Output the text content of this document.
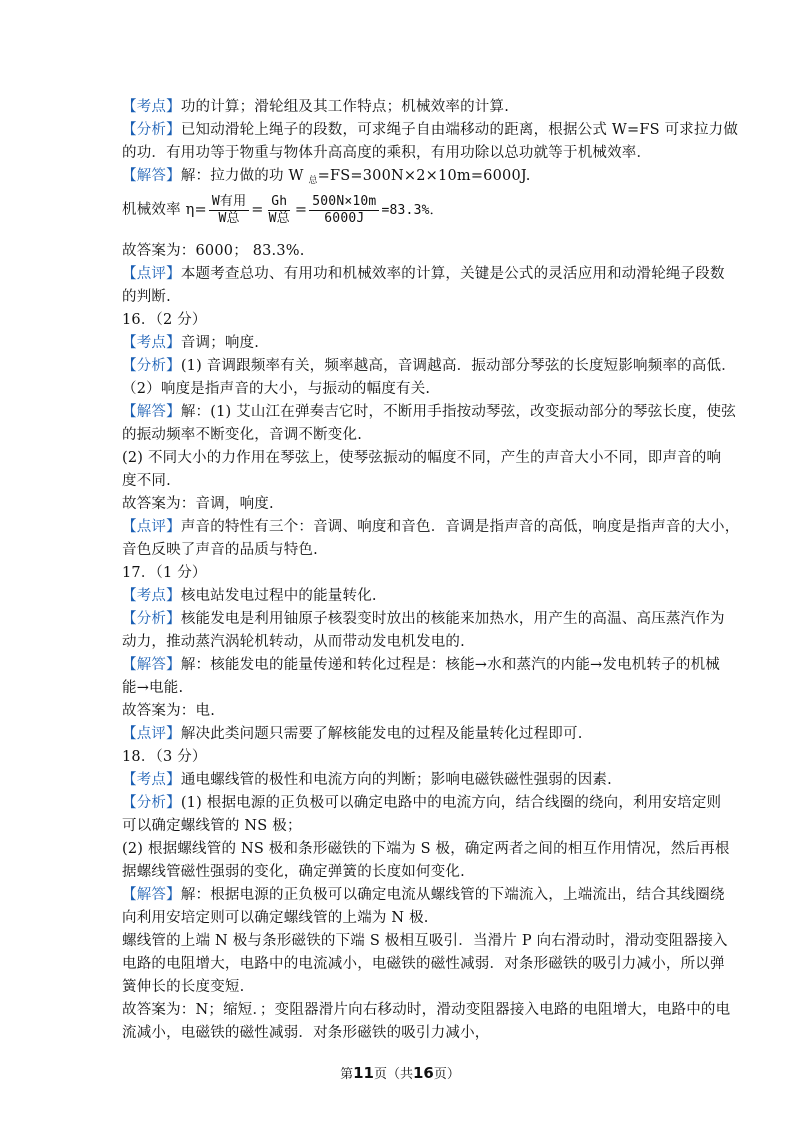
【考点】功的计算；滑轮组及其工作特点；机械效率的计算.
【分析】已知动滑轮上绳子的段数，可求绳子自由端移动的距离，根据公式 W=FS 可求拉力做
的功．有用功等于物重与物体升高高度的乘积，有用功除以总功就等于机械效率．
【解答】解：拉力做的功 W $_总$=FS=300N×2×10m=6000J.
机械效率 $\eta= \frac{\text{W有用}}{\text{W总}} = \frac{Gh}{\text{W总}} = \frac{500N\times 10m}{6000J} =83.3\%$．
故答案为：6000； 83.3%.
【点评】本题考查总功、有用功和机械效率的计算，关键是公式的灵活应用和动滑轮绳子段数
的判断.
16．（2 分）
【考点】音调；响度.
【分析】(1) 音调跟频率有关，频率越高，音调越高．振动部分琴弦的长度短影响频率的高低．
（2）响度是指声音的大小，与振动的幅度有关.
【解答】解：(1) 艾山江在弹奏吉它时，不断用手指按动琴弦，改变振动部分的琴弦长度，使弦
的振动频率不断变化，音调不断变化.
(2) 不同大小的力作用在琴弦上，使琴弦振动的幅度不同，产生的声音大小不同，即声音的响
度不同.
故答案为：音调，响度.
【点评】声音的特性有三个：音调、响度和音色．音调是指声音的高低，响度是指声音的大小，
音色反映了声音的品质与特色.
17．（1 分）
【考点】核电站发电过程中的能量转化.
【分析】核能发电是利用铀原子核裂变时放出的核能来加热水，用产生的高温、高压蒸汽作为
动力，推动蒸汽涡轮机转动，从而带动发电机发电的.
【解答】解：核能发电的能量传递和转化过程是：核能→水和蒸汽的内能→发电机转子的机械
能→电能.
故答案为：电.
【点评】解决此类问题只需要了解核能发电的过程及能量转化过程即可.
18．（3 分）
【考点】通电螺线管的极性和电流方向的判断；影响电磁铁磁性强弱的因素.
【分析】(1) 根据电源的正负极可以确定电路中的电流方向，结合线圈的绕向，利用安培定则
可以确定螺线管的 NS 极；
(2) 根据螺线管的 NS 极和条形磁铁的下端为 S 极，确定两者之间的相互作用情况，然后再根
据螺线管磁性强弱的变化，确定弹簧的长度如何变化.
【解答】解：根据电源的正负极可以确定电流从螺线管的下端流入，上端流出，结合其线圈绕
向利用安培定则可以确定螺线管的上端为 N 极.
螺线管的上端 N 极与条形磁铁的下端 S 极相互吸引．当滑片 P 向右滑动时，滑动变阻器接入
电路的电阻增大，电路中的电流减小，电磁铁的磁性减弱．对条形磁铁的吸引力减小，所以弹
簧伸长的长度变短.
故答案为：N；缩短．；变阻器滑片向右移动时，滑动变阻器接入电路的电阻增大，电路中的电
流减小，电磁铁的磁性减弱．对条形磁铁的吸引力减小，
第11页（共16页）
